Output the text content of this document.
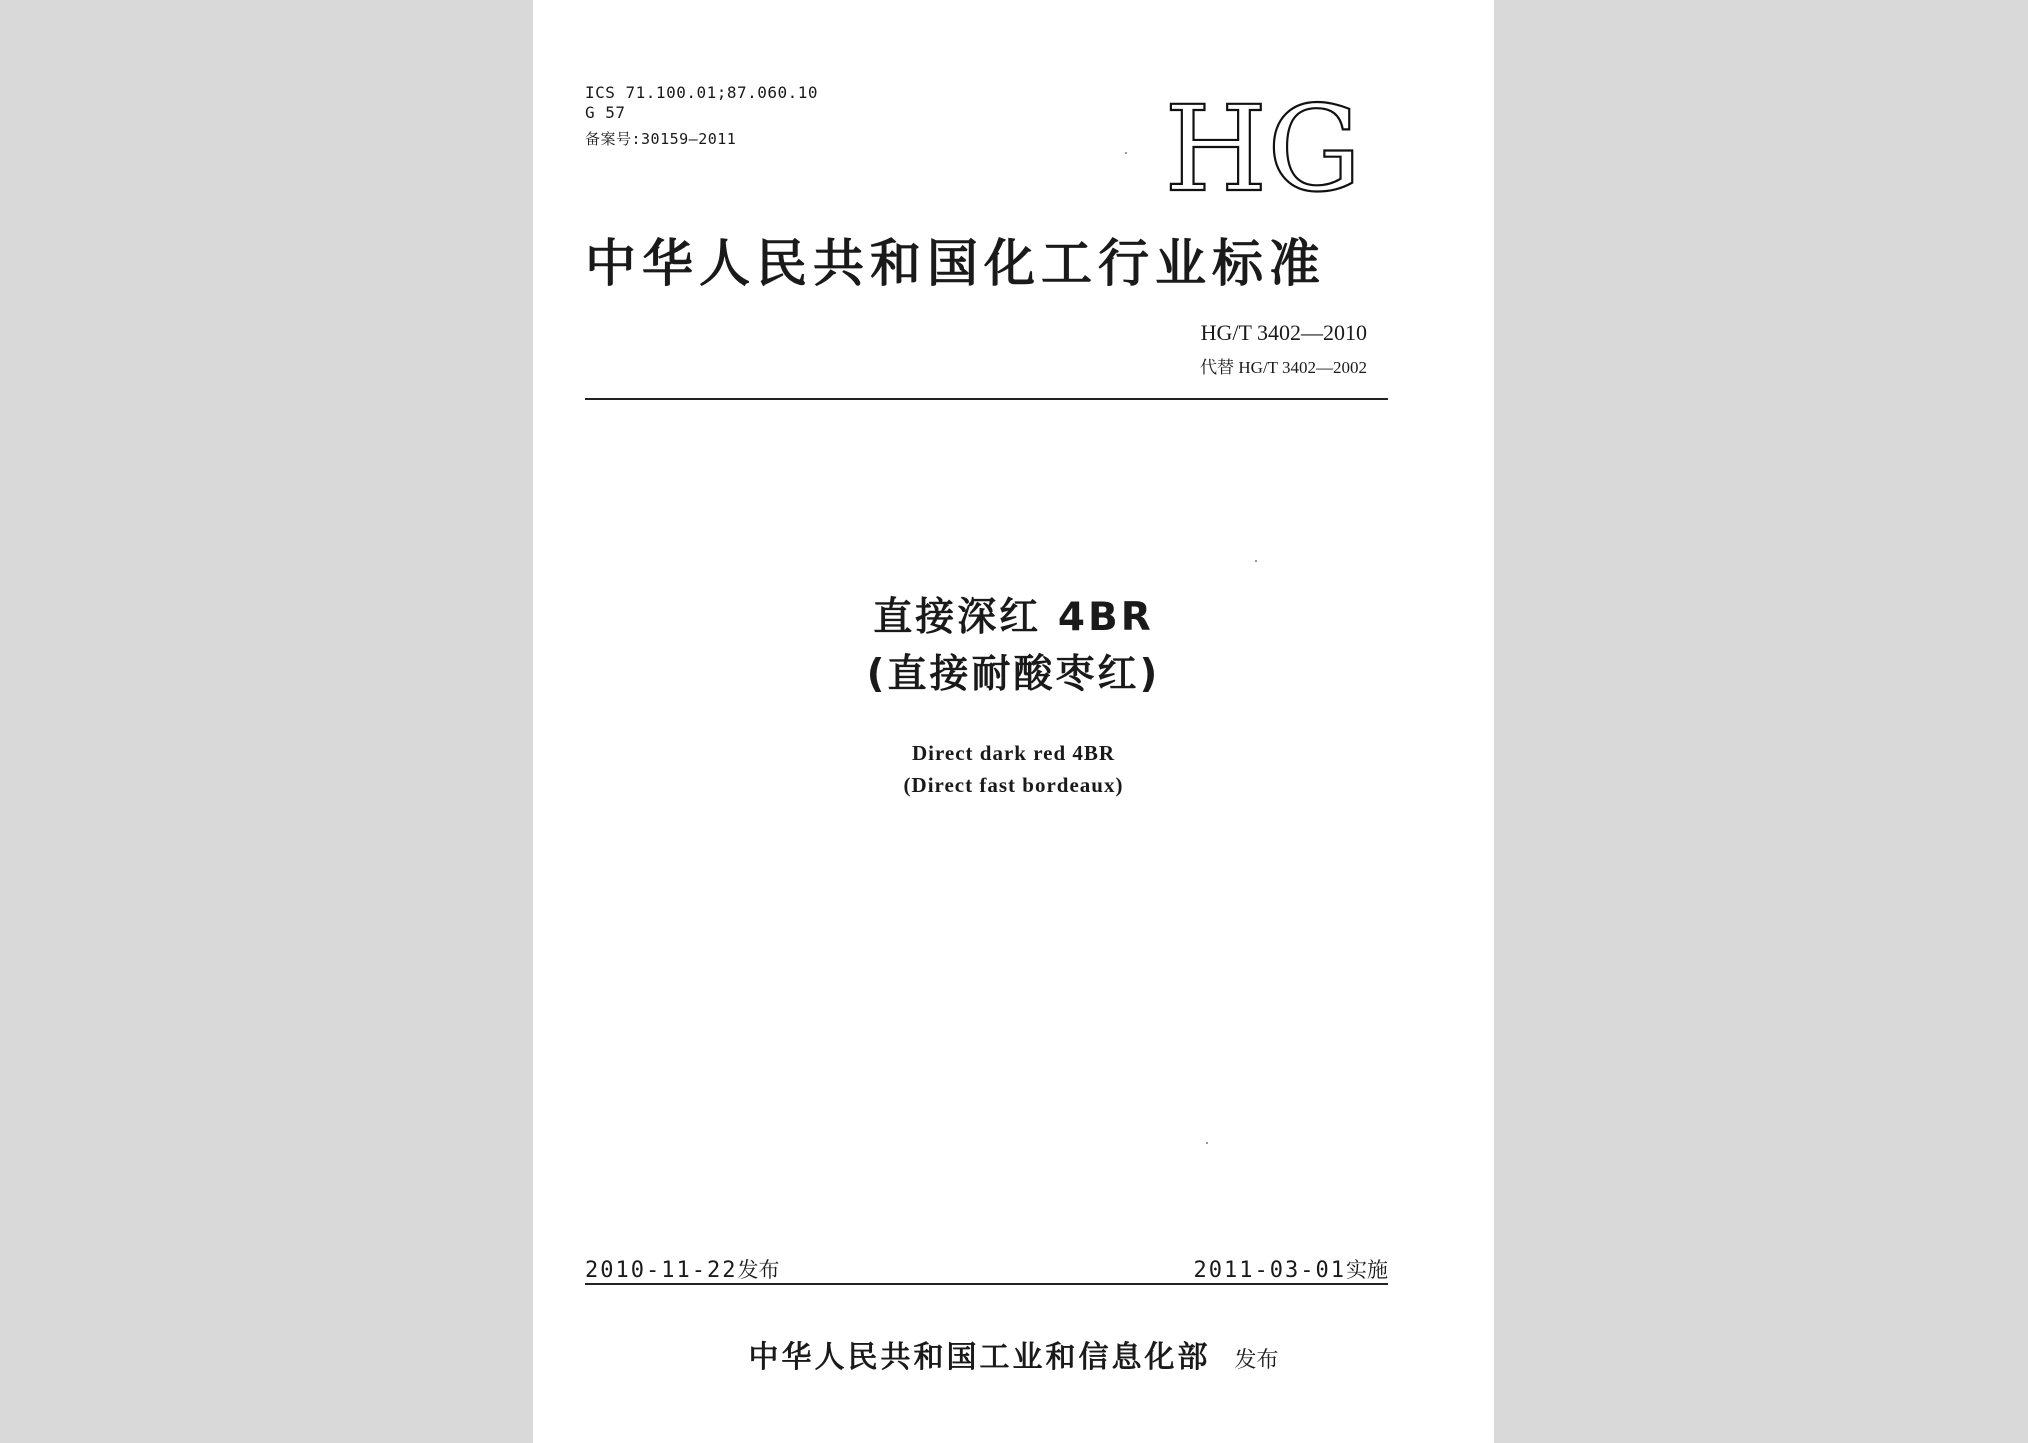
ICS 71.100.01;87.060.10
G 57
备案号:30159—2011	HG
中华人民共和国化工行业标准
HG/T 3402—2010
代替 HG/T 3402—2002
直接深红 4BR
(直接耐酸枣红)
Direct dark red 4BR
(Direct fast bordeaux)
2010-11-22发布	2011-03-01实施
中华人民共和国工业和信息化部 发布
